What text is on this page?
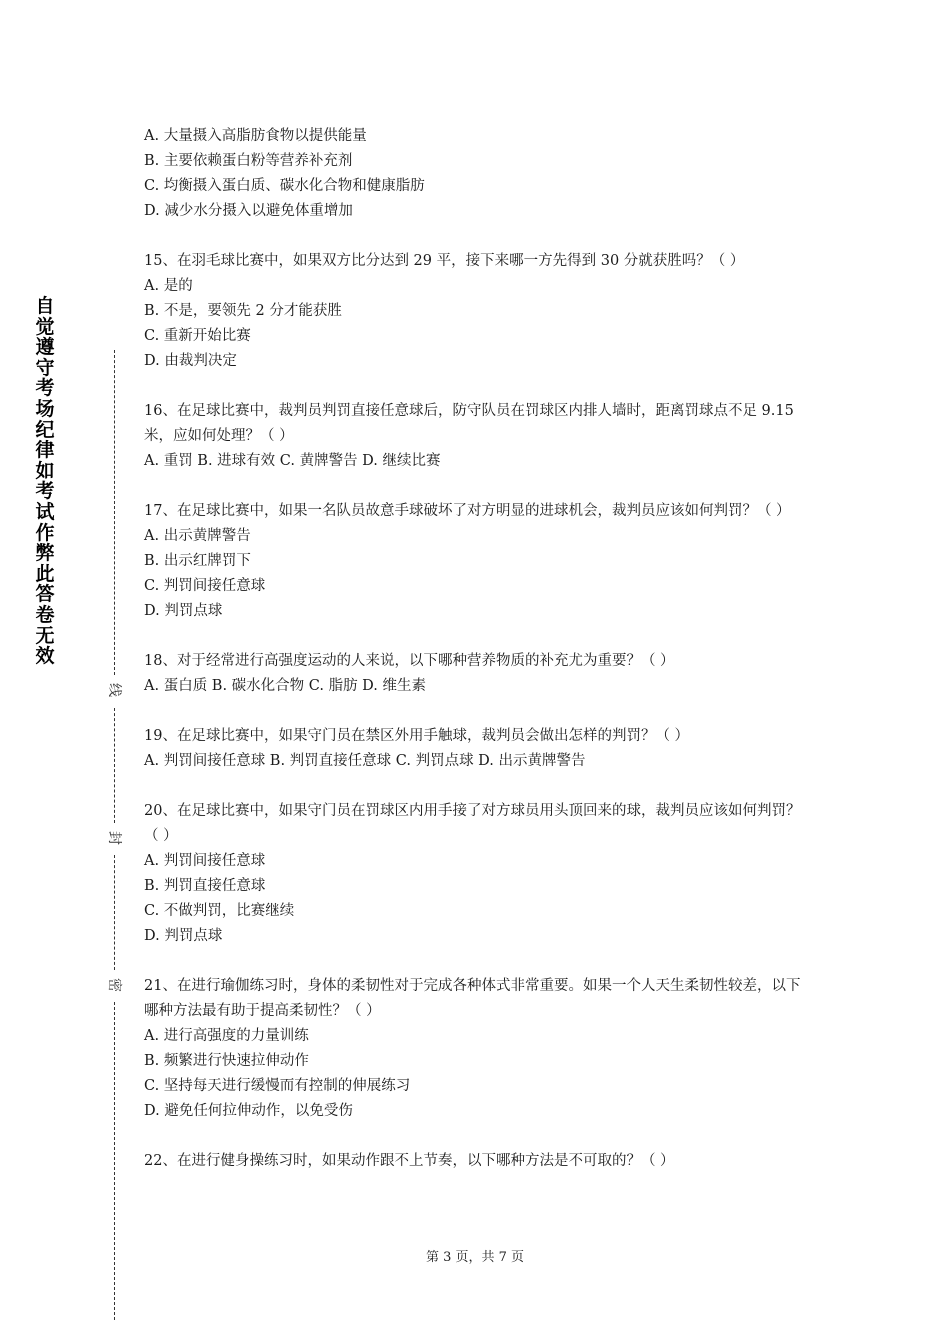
自觉遵守考场纪律如考试作弊此答卷无效
线
封
密

A. 大量摄入高脂肪食物以提供能量

B. 主要依赖蛋白粉等营养补充剂

C. 均衡摄入蛋白质、碳水化合物和健康脂肪

D. 减少水分摄入以避免体重增加

15、在羽毛球比赛中，如果双方比分达到 29 平，接下来哪一方先得到 30 分就获胜吗？（ ）

A. 是的

B. 不是，要领先 2 分才能获胜

C. 重新开始比赛

D. 由裁判决定

16、在足球比赛中，裁判员判罚直接任意球后，防守队员在罚球区内排人墙时，距离罚球点不足 9.15 米，应如何处理？（ ）

A. 重罚 B. 进球有效 C. 黄牌警告 D. 继续比赛

17、在足球比赛中，如果一名队员故意手球破坏了对方明显的进球机会，裁判员应该如何判罚？（ ）

A. 出示黄牌警告

B. 出示红牌罚下

C. 判罚间接任意球

D. 判罚点球

18、对于经常进行高强度运动的人来说，以下哪种营养物质的补充尤为重要？（ ）

A. 蛋白质 B. 碳水化合物 C. 脂肪 D. 维生素

19、在足球比赛中，如果守门员在禁区外用手触球，裁判员会做出怎样的判罚？（ ）

A. 判罚间接任意球 B. 判罚直接任意球 C. 判罚点球 D. 出示黄牌警告

20、在足球比赛中，如果守门员在罚球区内用手接了对方球员用头顶回来的球，裁判员应该如何判罚？（ ）

A. 判罚间接任意球

B. 判罚直接任意球

C. 不做判罚，比赛继续

D. 判罚点球

21、在进行瑜伽练习时，身体的柔韧性对于完成各种体式非常重要。如果一个人天生柔韧性较差，以下哪种方法最有助于提高柔韧性？（ ）

A. 进行高强度的力量训练

B. 频繁进行快速拉伸动作

C. 坚持每天进行缓慢而有控制的伸展练习

D. 避免任何拉伸动作，以免受伤

22、在进行健身操练习时，如果动作跟不上节奏，以下哪种方法是不可取的？（ ）

第 3 页，共 7 页
